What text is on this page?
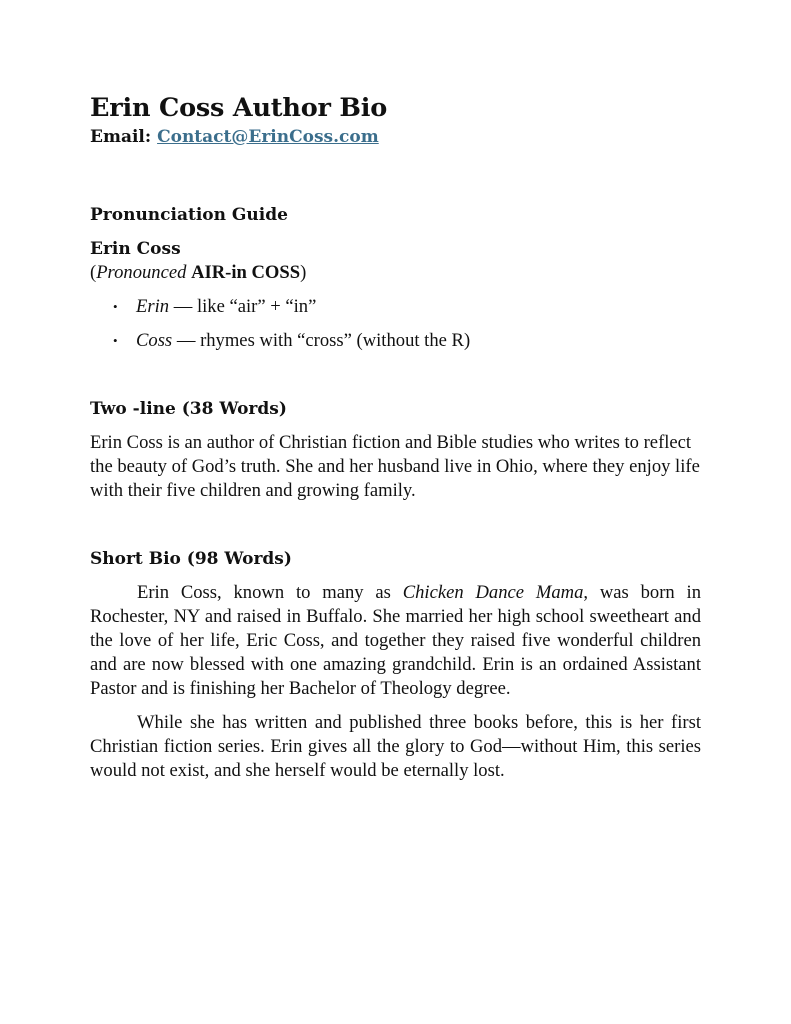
Erin Coss Author Bio

Email: Contact@ErinCoss.com

Pronunciation Guide

Erin Coss

(Pronounced AIR-in COSS)

• Erin — like “air” + “in”
• Coss — rhymes with “cross” (without the R)
Two -line (38 Words)

Erin Coss is an author of Christian fiction and Bible studies who writes to reflect the beauty of God’s truth. She and her husband live in Ohio, where they enjoy life with their five children and growing family.

Short Bio (98 Words)

Erin Coss, known to many as Chicken Dance Mama, was born in Rochester, NY and raised in Buffalo. She married her high school sweetheart and the love of her life, Eric Coss, and together they raised five wonderful children and are now blessed with one amazing grandchild. Erin is an ordained Assistant Pastor and is finishing her Bachelor of Theology degree.

While she has written and published three books before, this is her first Christian fiction series. Erin gives all the glory to God—without Him, this series would not exist, and she herself would be eternally lost.
